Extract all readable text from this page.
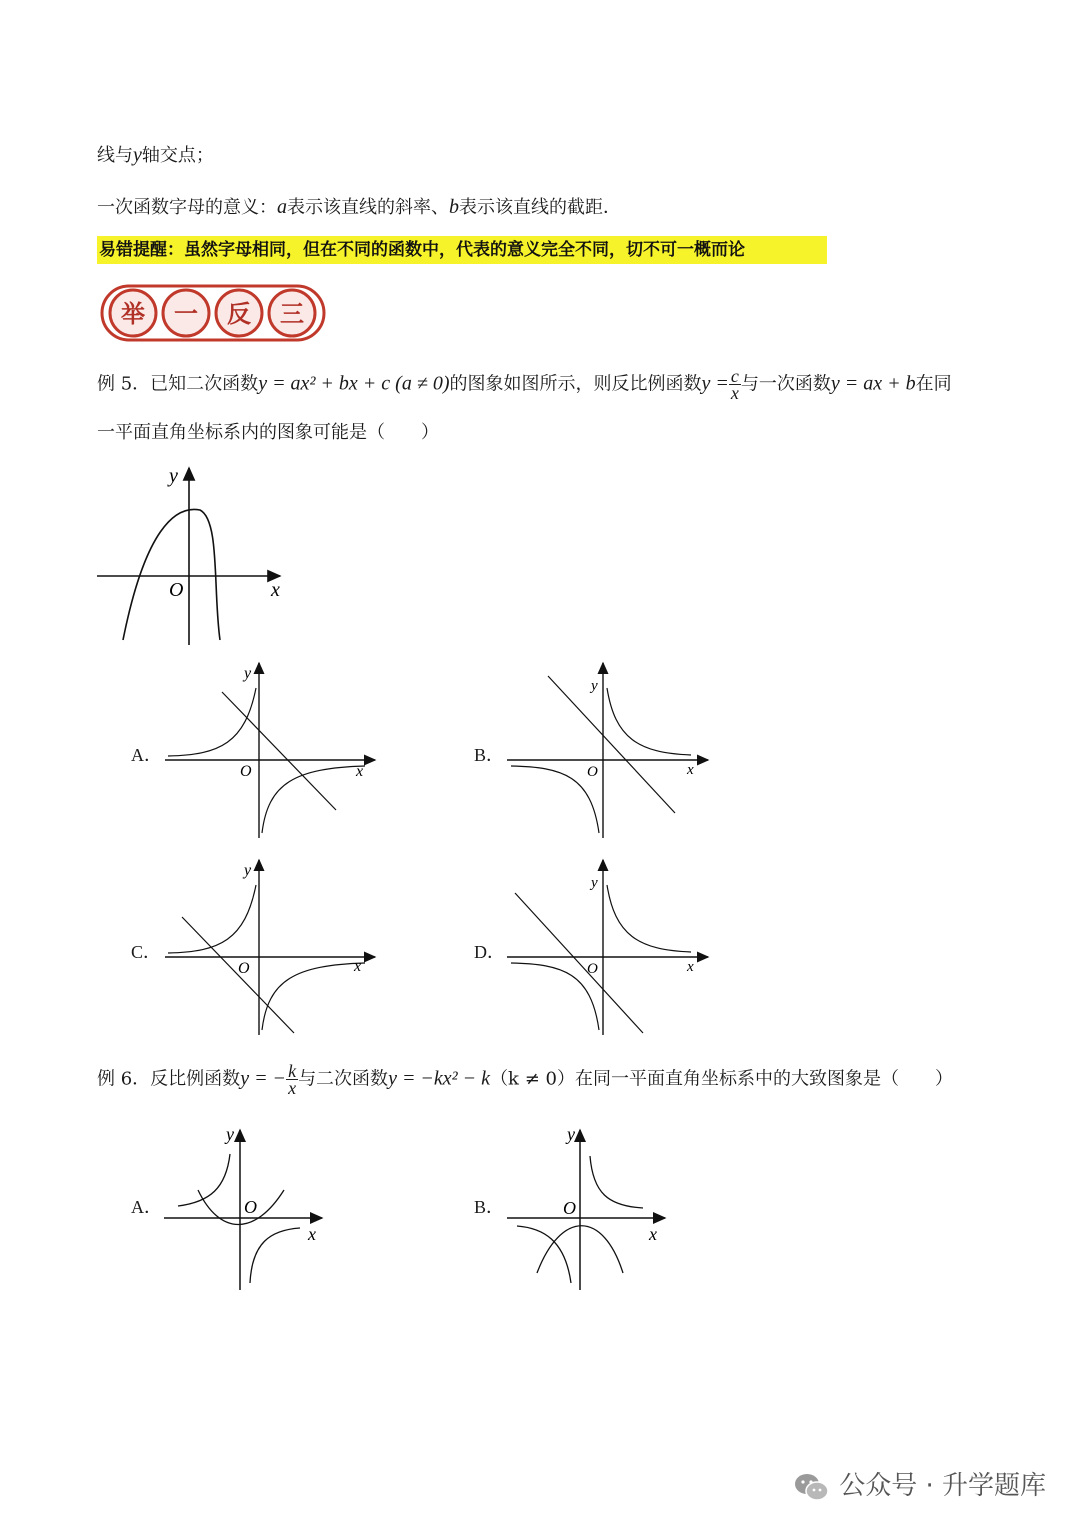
线与y轴交点；
一次函数字母的意义：a表示该直线的斜率、b表示该直线的截距．
易错提醒：虽然字母相同，但在不同的函数中，代表的意义完全不同，切不可一概而论
举 一 反 三
例 5．已知二次函数y = ax² + bx + c (a ≠ 0)的图象如图所示，则反比例函数$y = \frac{c}{x}$ 与一次函数y = ax + b在同
一平面直角坐标系内的图象可能是（　　）
y
x
O
A．
y
x
O
B．
y
x
O
C．
y
x
O
D．
y
x
O
例 6．反比例函数y = − $\frac{k}{x}$ 与二次函数y = −kx² − k（k ≠ 0）在同一平面直角坐标系中的大致图象是（　　）
A．
y
x
O	B．
y
x
O
公众号 · 升学题库
